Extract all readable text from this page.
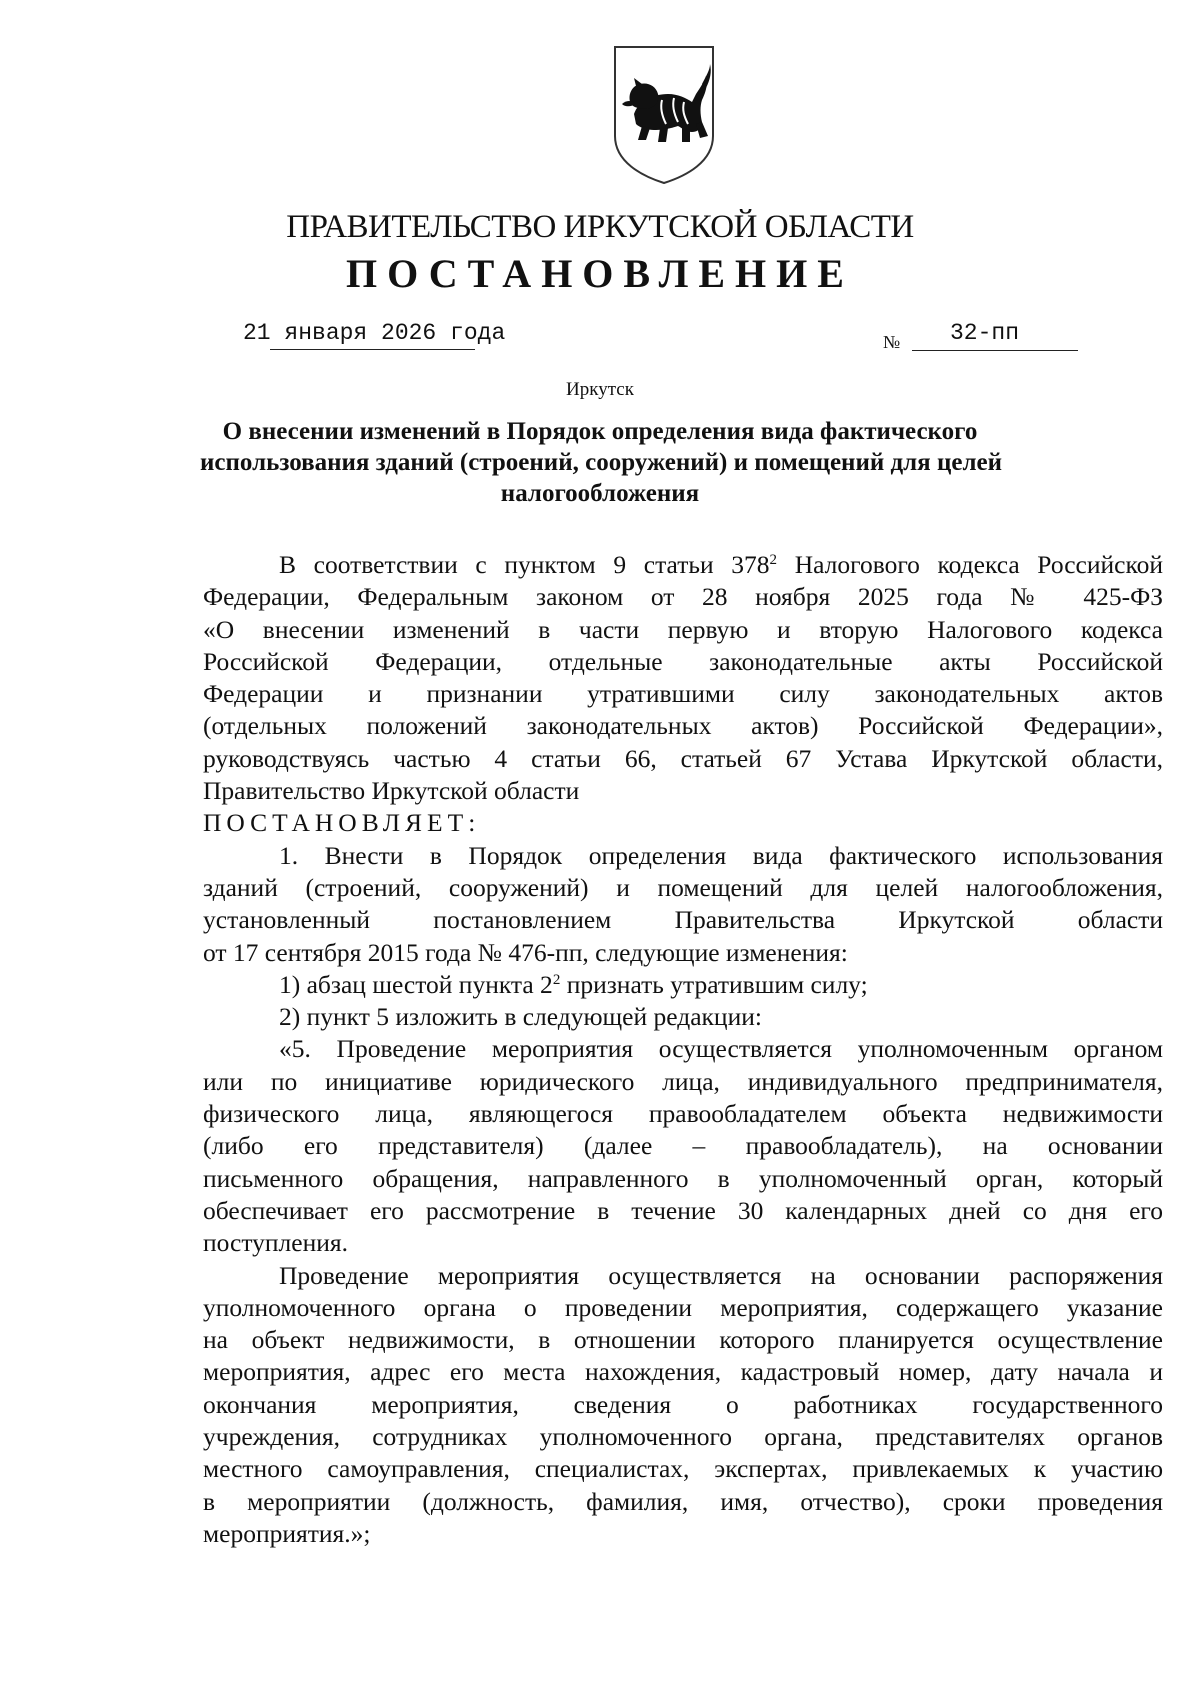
ПРАВИТЕЛЬСТВО ИРКУТСКОЙ ОБЛАСТИ
ПОСТАНОВЛЕНИЕ
21 января 2026 года	№ 32-пп
Иркутск
О внесении изменений в Порядок определения вида фактического
использования зданий (строений, сооружений) и помещений для целей
налогообложения
В соответствии с пунктом 9 статьи $378^2$ Налогового кодекса Российской
Федерации, Федеральным законом от 28 ноября 2025 года № 425-ФЗ
«О внесении изменений в части первую и вторую Налогового кодекса
Российской Федерации, отдельные законодательные акты Российской
Федерации и признании утратившими силу законодательных актов
(отдельных положений законодательных актов) Российской Федерации»,
руководствуясь частью 4 статьи 66, статьей 67 Устава Иркутской области,
Правительство Иркутской области
ПОСТАНОВЛЯЕТ:
1. Внести в Порядок определения вида фактического использования
зданий (строений, сооружений) и помещений для целей налогообложения,
установленный постановлением Правительства Иркутской области
от 17 сентября 2015 года № 476-пп, следующие изменения:
1) абзац шестой пункта $2^2$ признать утратившим силу;
2) пункт 5 изложить в следующей редакции:
«5. Проведение мероприятия осуществляется уполномоченным органом
или по инициативе юридического лица, индивидуального предпринимателя,
физического лица, являющегося правообладателем объекта недвижимости
(либо его представителя) (далее – правообладатель), на основании
письменного обращения, направленного в уполномоченный орган, который
обеспечивает его рассмотрение в течение 30 календарных дней со дня его
поступления.
Проведение мероприятия осуществляется на основании распоряжения
уполномоченного органа о проведении мероприятия, содержащего указание
на объект недвижимости, в отношении которого планируется осуществление
мероприятия, адрес его места нахождения, кадастровый номер, дату начала и
окончания мероприятия, сведения о работниках государственного
учреждения, сотрудниках уполномоченного органа, представителях органов
местного самоуправления, специалистах, экспертах, привлекаемых к участию
в мероприятии (должность, фамилия, имя, отчество), сроки проведения
мероприятия.»;
